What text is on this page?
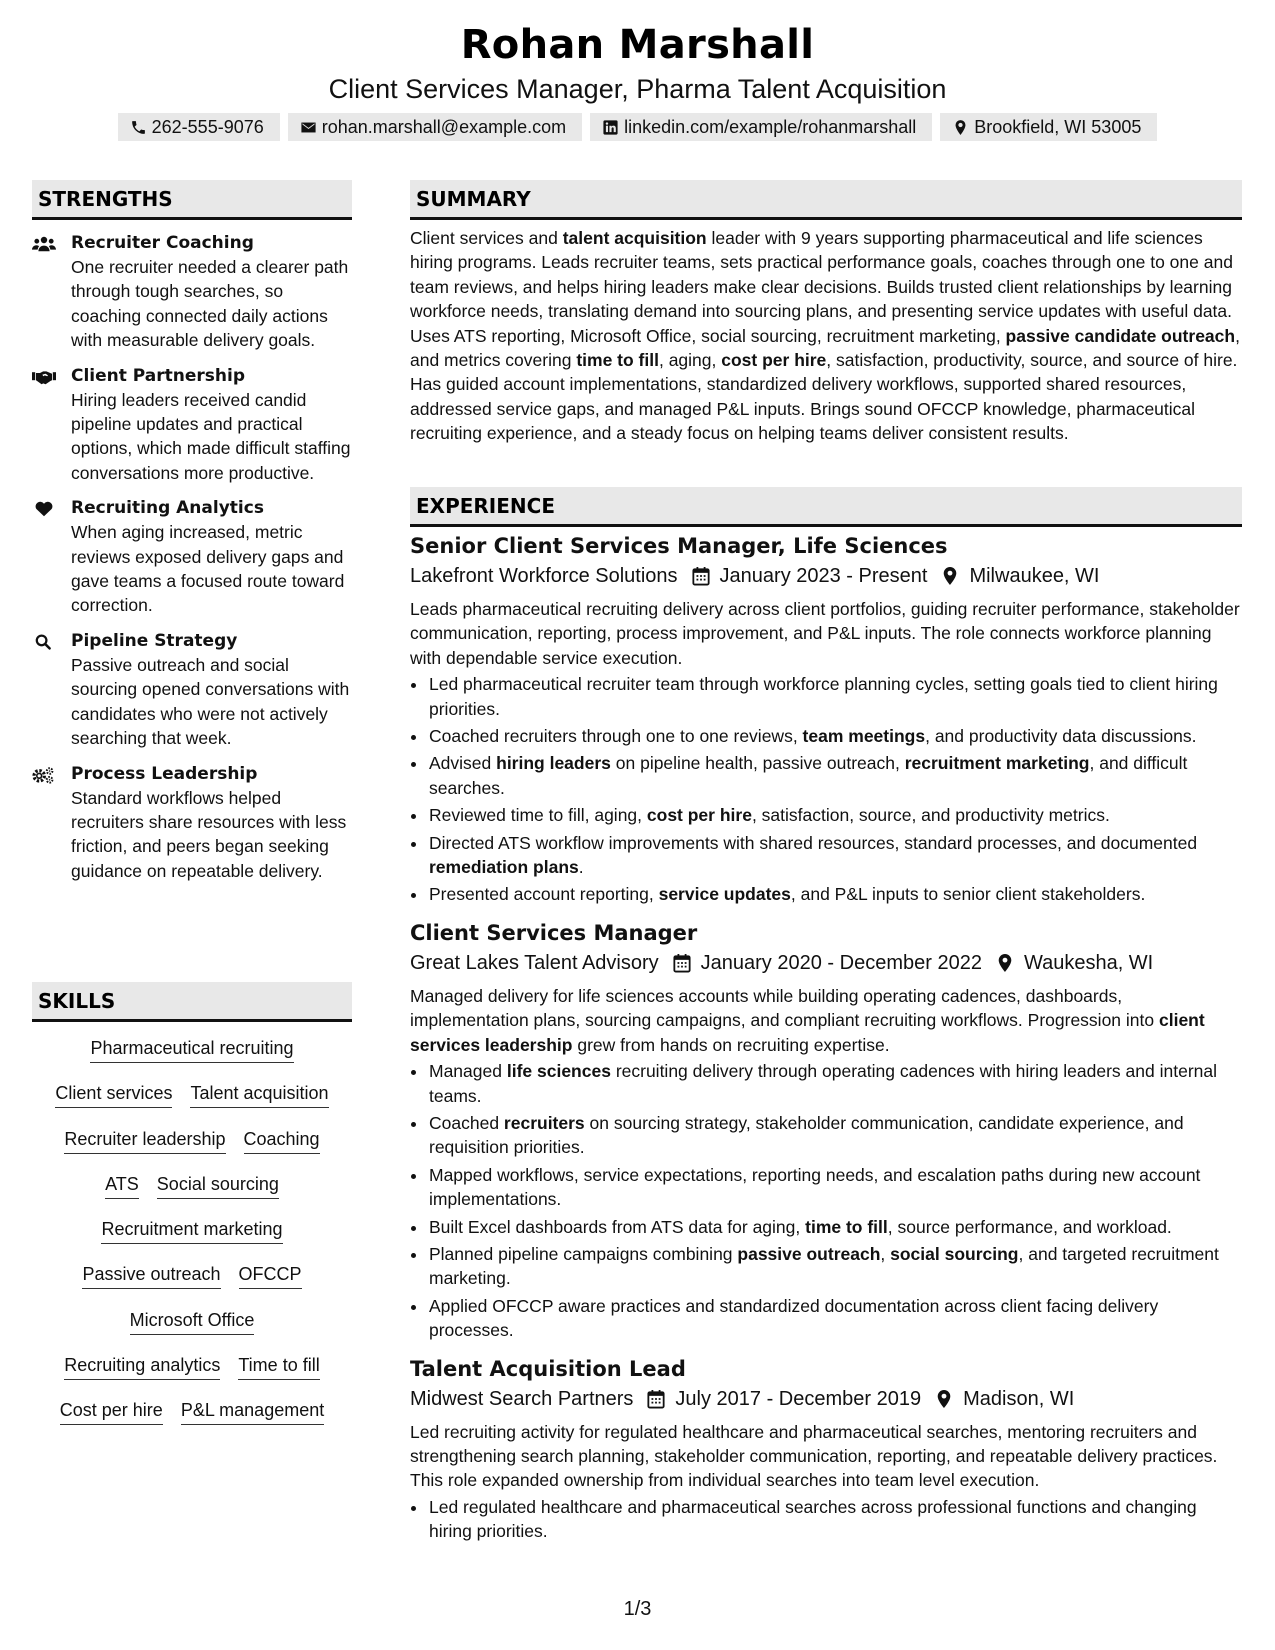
Rohan Marshall
Client Services Manager, Pharma Talent Acquisition
262-555-9076	rohan.marshall@example.com	linkedin.com/example/rohanmarshall	Brookfield, WI 53005
STRENGTHS
Recruiter Coaching
One recruiter needed a clearer path through tough searches, so coaching connected daily actions with measurable delivery goals.
Client Partnership
Hiring leaders received candid pipeline updates and practical options, which made difficult staffing conversations more productive.
Recruiting Analytics
When aging increased, metric reviews exposed delivery gaps and gave teams a focused route toward correction.
Pipeline Strategy
Passive outreach and social sourcing opened conversations with candidates who were not actively searching that week.
Process Leadership
Standard workflows helped recruiters share resources with less friction, and peers began seeking guidance on repeatable delivery.
SKILLS
Pharmaceutical recruiting
Client services Talent acquisition
Recruiter leadership Coaching
ATS Social sourcing
Recruitment marketing
Passive outreach OFCCP
Microsoft Office
Recruiting analytics Time to fill
Cost per hire P&L management
SUMMARY
Client services and talent acquisition leader with 9 years supporting pharmaceutical and life sciences hiring programs. Leads recruiter teams, sets practical performance goals, coaches through one to one and team reviews, and helps hiring leaders make clear decisions. Builds trusted client relationships by learning workforce needs, translating demand into sourcing plans, and presenting service updates with useful data. Uses ATS reporting, Microsoft Office, social sourcing, recruitment marketing, passive candidate outreach, and metrics covering time to fill, aging, cost per hire, satisfaction, productivity, source, and source of hire. Has guided account implementations, standardized delivery workflows, supported shared resources, addressed service gaps, and managed P&L inputs. Brings sound OFCCP knowledge, pharmaceutical recruiting experience, and a steady focus on helping teams deliver consistent results.
EXPERIENCE
Senior Client Services Manager, Life Sciences
Lakefront Workforce Solutions January 2023 - Present Milwaukee, WI
Leads pharmaceutical recruiting delivery across client portfolios, guiding recruiter performance, stakeholder communication, reporting, process improvement, and P&L inputs. The role connects workforce planning with dependable service execution.
• Led pharmaceutical recruiter team through workforce planning cycles, setting goals tied to client hiring priorities.
• Coached recruiters through one to one reviews, team meetings, and productivity data discussions.
• Advised hiring leaders on pipeline health, passive outreach, recruitment marketing, and difficult searches.
• Reviewed time to fill, aging, cost per hire, satisfaction, source, and productivity metrics.
• Directed ATS workflow improvements with shared resources, standard processes, and documented remediation plans.
• Presented account reporting, service updates, and P&L inputs to senior client stakeholders.
Client Services Manager
Great Lakes Talent Advisory January 2020 - December 2022 Waukesha, WI
Managed delivery for life sciences accounts while building operating cadences, dashboards, implementation plans, sourcing campaigns, and compliant recruiting workflows. Progression into client services leadership grew from hands on recruiting expertise.
• Managed life sciences recruiting delivery through operating cadences with hiring leaders and internal teams.
• Coached recruiters on sourcing strategy, stakeholder communication, candidate experience, and requisition priorities.
• Mapped workflows, service expectations, reporting needs, and escalation paths during new account implementations.
• Built Excel dashboards from ATS data for aging, time to fill, source performance, and workload.
• Planned pipeline campaigns combining passive outreach, social sourcing, and targeted recruitment marketing.
• Applied OFCCP aware practices and standardized documentation across client facing delivery processes.
Talent Acquisition Lead
Midwest Search Partners July 2017 - December 2019 Madison, WI
Led recruiting activity for regulated healthcare and pharmaceutical searches, mentoring recruiters and strengthening search planning, stakeholder communication, reporting, and repeatable delivery practices. This role expanded ownership from individual searches into team level execution.
• Led regulated healthcare and pharmaceutical searches across professional functions and changing hiring priorities.
1/3
